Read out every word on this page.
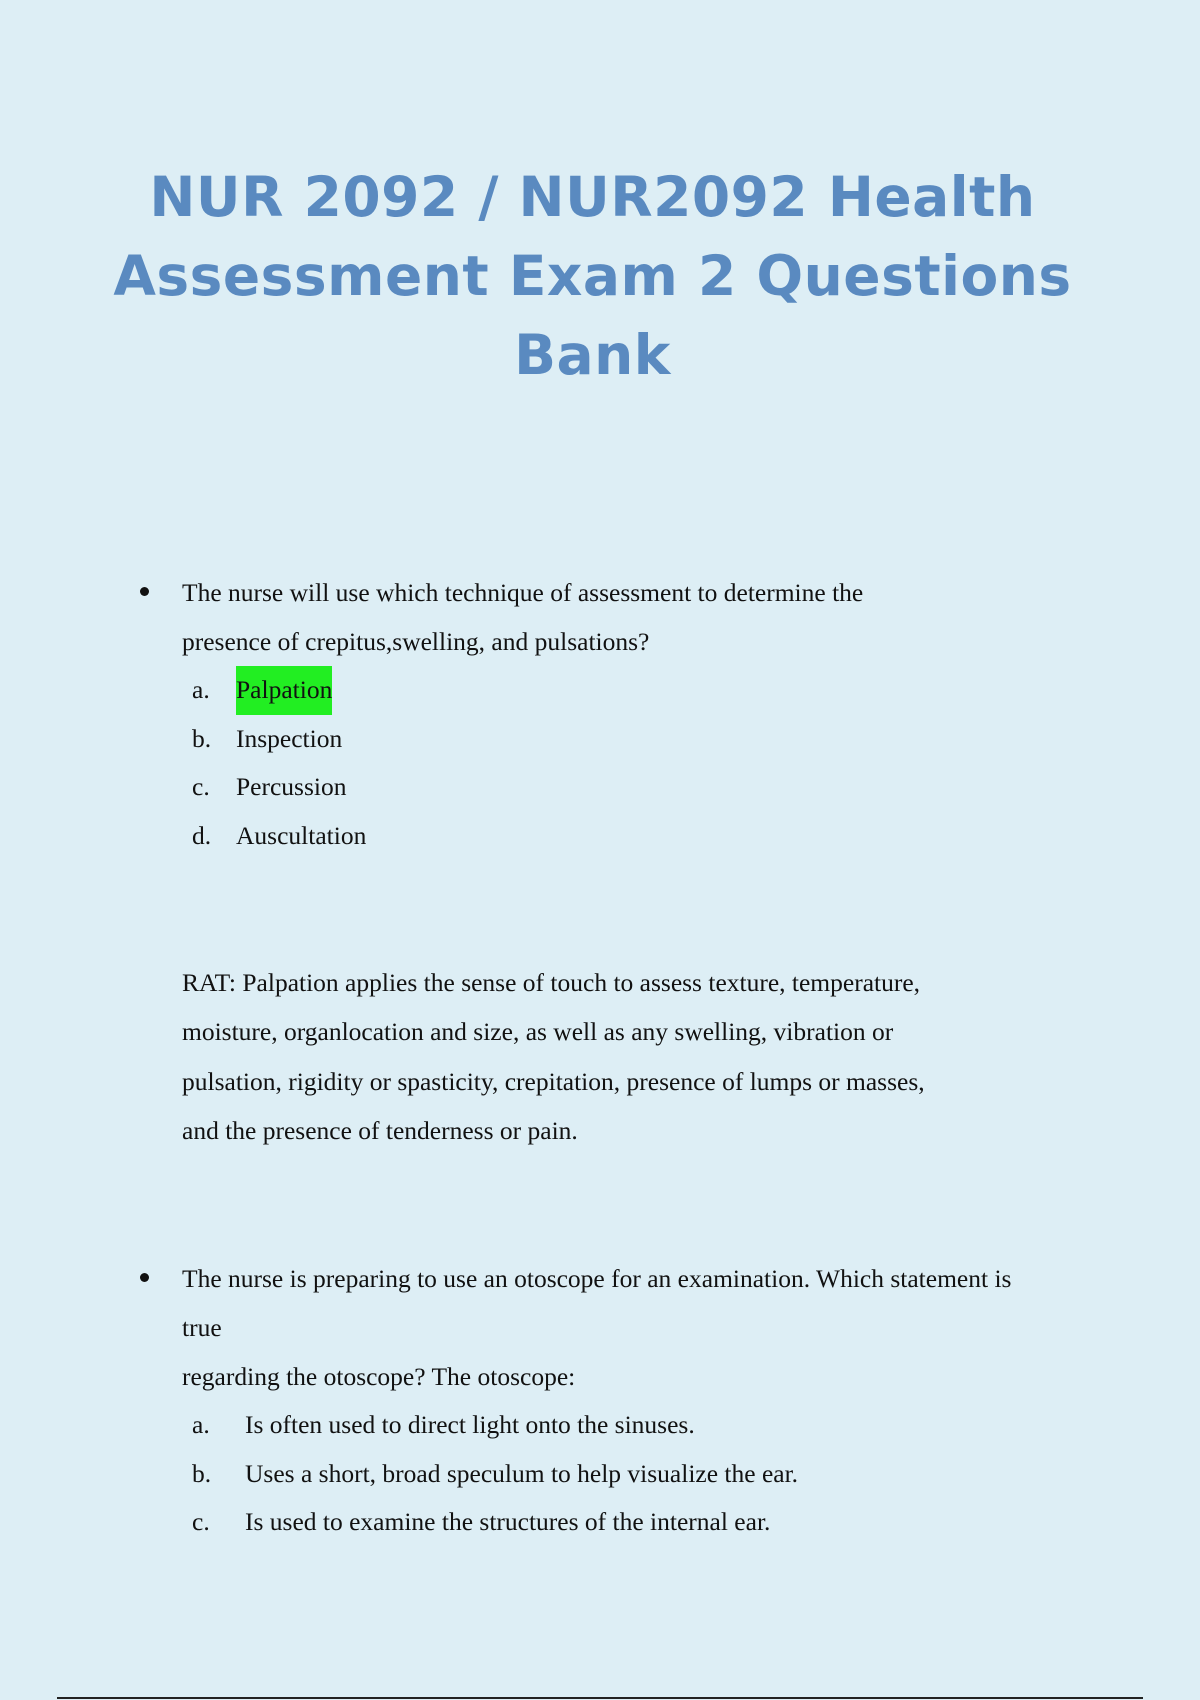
NUR 2092 / NUR2092 Health
Assessment Exam 2 Questions
Bank
The nurse will use which technique of assessment to determine the
presence of crepitus,swelling, and pulsations?
a. Palpation
b. Inspection
c. Percussion
d. Auscultation
RAT: Palpation applies the sense of touch to assess texture, temperature,
moisture, organlocation and size, as well as any swelling, vibration or
pulsation, rigidity or spasticity, crepitation, presence of lumps or masses,
and the presence of tenderness or pain.
The nurse is preparing to use an otoscope for an examination. Which statement is
true
regarding the otoscope? The otoscope:
a. Is often used to direct light onto the sinuses.
b. Uses a short, broad speculum to help visualize the ear.
c. Is used to examine the structures of the internal ear.
